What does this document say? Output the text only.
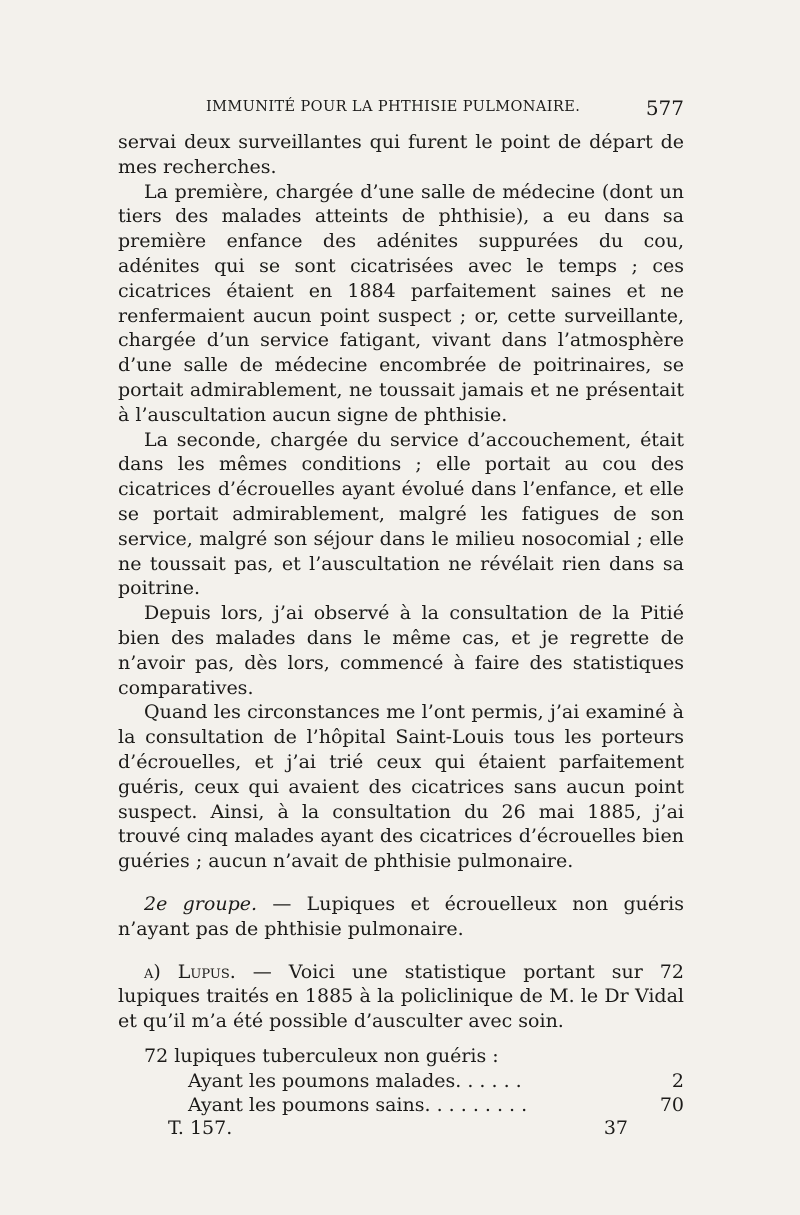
IMMUNITÉ POUR LA PHTHISIE PULMONAIRE.	577

servai deux surveillantes qui furent le point de départ de mes recherches.

La première, chargée d’une salle de médecine (dont un tiers des malades atteints de phthisie), a eu dans sa première enfance des adénites suppurées du cou, adénites qui se sont cicatrisées avec le temps ; ces cicatrices étaient en 1884 parfaitement saines et ne renfermaient aucun point suspect ; or, cette surveillante, chargée d’un service fatigant, vivant dans l’atmosphère d’une salle de médecine encombrée de poitrinaires, se portait admirablement, ne toussait jamais et ne présentait à l’auscultation aucun signe de phthisie.

La seconde, chargée du service d’accouchement, était dans les mêmes conditions ; elle portait au cou des cicatrices d’écrouelles ayant évolué dans l’enfance, et elle se portait admirablement, malgré les fatigues de son service, malgré son séjour dans le milieu nosocomial ; elle ne toussait pas, et l’auscultation ne révélait rien dans sa poitrine.

Depuis lors, j’ai observé à la consultation de la Pitié bien des malades dans le même cas, et je regrette de n’avoir pas, dès lors, commencé à faire des statistiques comparatives.

Quand les circonstances me l’ont permis, j’ai examiné à la consultation de l’hôpital Saint-Louis tous les porteurs d’écrouelles, et j’ai trié ceux qui étaient parfaitement guéris, ceux qui avaient des cicatrices sans aucun point suspect. Ainsi, à la consultation du 26 mai 1885, j’ai trouvé cinq malades ayant des cicatrices d’écrouelles bien guéries ; aucun n’avait de phthisie pulmonaire.

2e groupe. — Lupiques et écrouelleux non guéris n’ayant pas de phthisie pulmonaire.

a) Lupus. — Voici une statistique portant sur 72 lupiques traités en 1885 à la policlinique de M. le Dr Vidal et qu’il m’a été possible d’ausculter avec soin.

72 lupiques tuberculeux non guéris :

Ayant les poumons malades. . . . . .	2
Ayant les poumons sains. . . . . . . . .	70
T. 157.	37
